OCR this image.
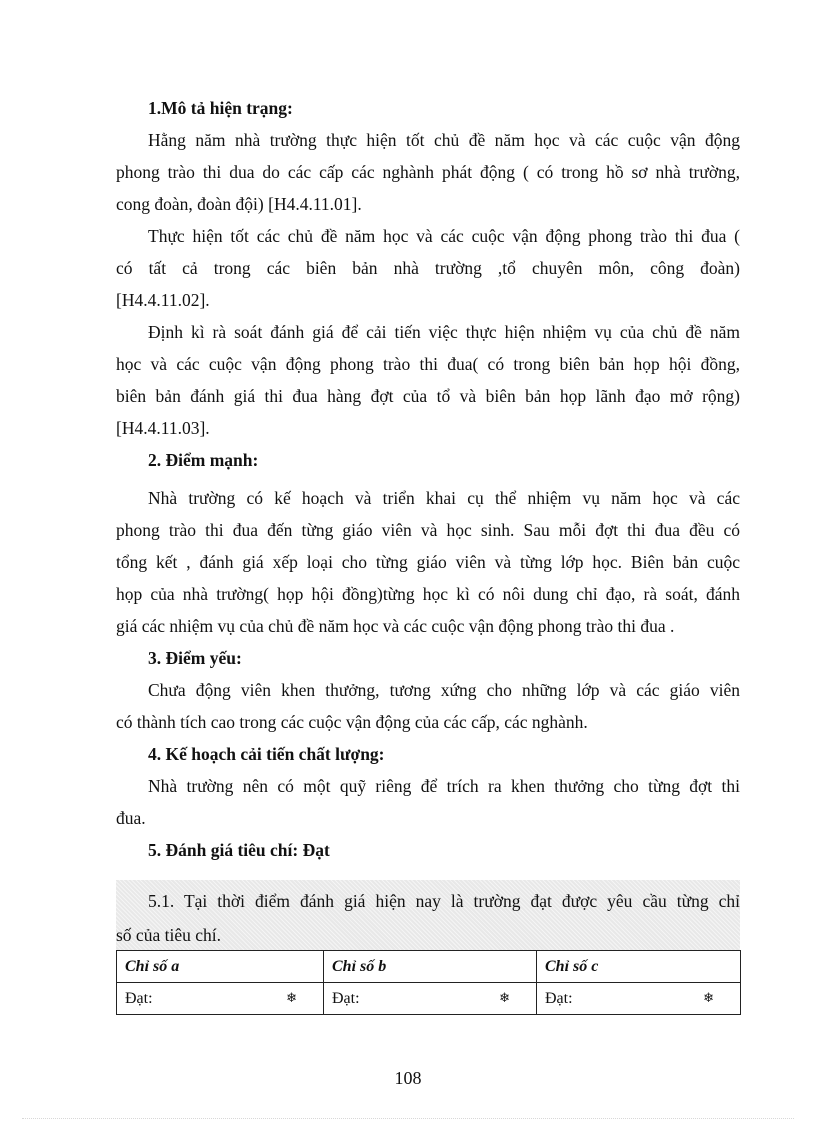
1.Mô tả hiện trạng:

Hằng năm nhà trường thực hiện tốt chủ đề năm học và các cuộc vận động
phong trào thi dua do các cấp các nghành phát động ( có trong hồ sơ nhà trường,
cong đoàn, đoàn đội) [H4.4.11.01].
Thực hiện tốt các chủ đề năm học và các cuộc vận động phong trào thi đua (
có tất cả trong các biên bản nhà trường ,tổ chuyên môn, công đoàn)
[H4.4.11.02].
Định kì rà soát đánh giá để cải tiến việc thực hiện nhiệm vụ của chủ đề năm
học và các cuộc vận động phong trào thi đua( có trong biên bản họp hội đồng,
biên bản đánh giá thi đua hàng đợt của tổ và biên bản họp lãnh đạo mở rộng)
[H4.4.11.03].

2. Điểm mạnh:

Nhà trường có kế hoạch và triển khai cụ thể nhiệm vụ năm học và các
phong trào thi đua đến từng giáo viên và học sinh. Sau mỗi đợt thi đua đều có
tổng kết , đánh giá xếp loại cho từng giáo viên và từng lớp học. Biên bản cuộc
họp của nhà trường( họp hội đồng)từng học kì có nôi dung chỉ đạo, rà soát, đánh
giá các nhiệm vụ của chủ đề năm học và các cuộc vận động phong trào thi đua .

3. Điểm yếu:

Chưa động viên khen thưởng, tương xứng cho những lớp và các giáo viên
có thành tích cao trong các cuộc vận động của các cấp, các nghành.

4. Kế hoạch cải tiến chất lượng:

Nhà trường nên có một quỹ riêng để trích ra khen thưởng cho từng đợt thi
đua.

5. Đánh giá tiêu chí: Đạt

5.1. Tại thời điểm đánh giá hiện nay là trường đạt được yêu cầu từng chỉ
số của tiêu chí.
Chỉ số a	Chỉ số b	Chỉ số c

Đạt: ❄	Đạt: ❄	Đạt: ❄
108
